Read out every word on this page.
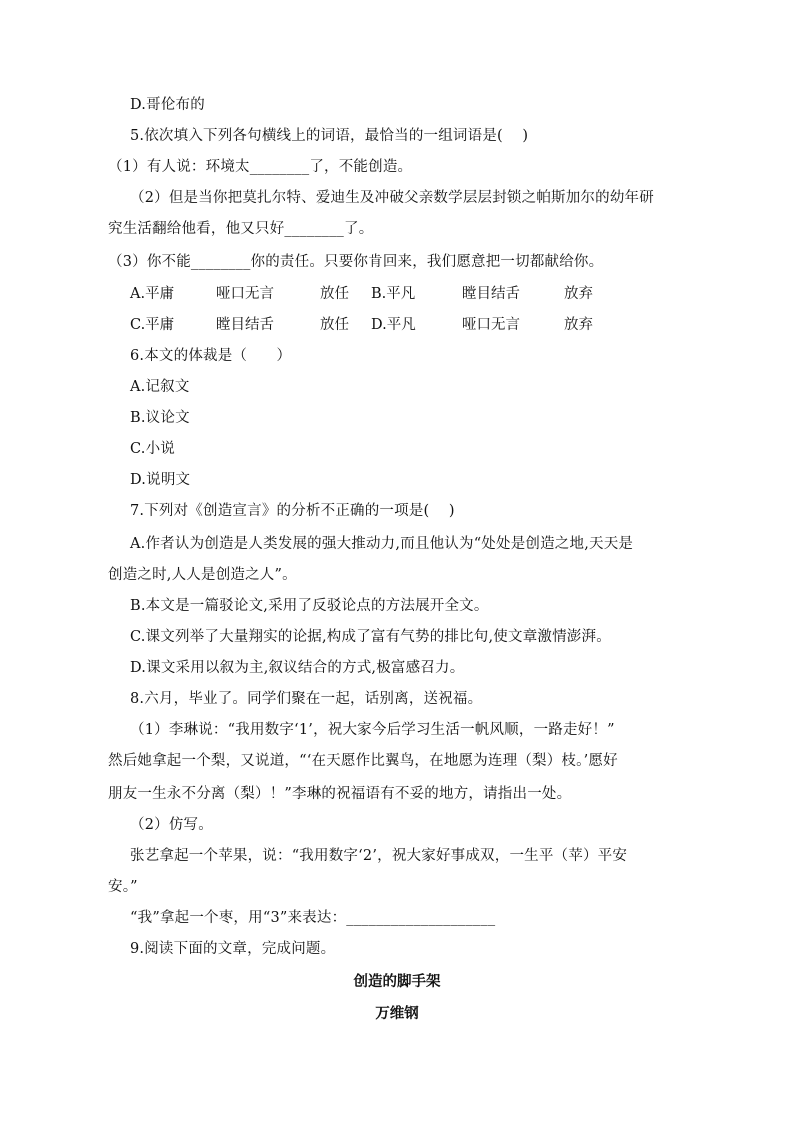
D.哥伦布的
5.依次填入下列各句横线上的词语，最恰当的一组词语是(　 )
（1）有人说：环境太________了，不能创造。
（2）但是当你把莫扎尔特、爱迪生及冲破父亲数学层层封锁之帕斯加尔的幼年研
究生活翻给他看，他又只好________了。
（3）你不能________你的责任。只要你肯回来，我们愿意把一切都献给你。
A.平庸	哑口无言	放任 B.平凡	瞠目结舌	放弃
C.平庸	瞠目结舌	放任 D.平凡	哑口无言	放弃
6.本文的体裁是（　　）
A.记叙文
B.议论文
C.小说
D.说明文
7.下列对《创造宣言》的分析不正确的一项是(　 )
A.作者认为创造是人类发展的强大推动力,而且他认为“处处是创造之地,天天是
创造之时,人人是创造之人”。
B.本文是一篇驳论文,采用了反驳论点的方法展开全文。
C.课文列举了大量翔实的论据,构成了富有气势的排比句,使文章激情澎湃。
D.课文采用以叙为主,叙议结合的方式,极富感召力。
8.六月，毕业了。同学们聚在一起，话别离，送祝福。
（1）李琳说：“我用数字‘1’，祝大家今后学习生活一帆风顺，一路走好！”
然后她拿起一个梨，又说道，“‘在天愿作比翼鸟，在地愿为连理（梨）枝。’愿好
朋友一生永不分离（梨）！”李琳的祝福语有不妥的地方，请指出一处。
（2）仿写。
张艺拿起一个苹果，说：“我用数字‘2’，祝大家好事成双，一生平（苹）平安
安。”
“我”拿起一个枣，用“3”来表达：____________________
9.阅读下面的文章，完成问题。
创造的脚手架
万维钢
